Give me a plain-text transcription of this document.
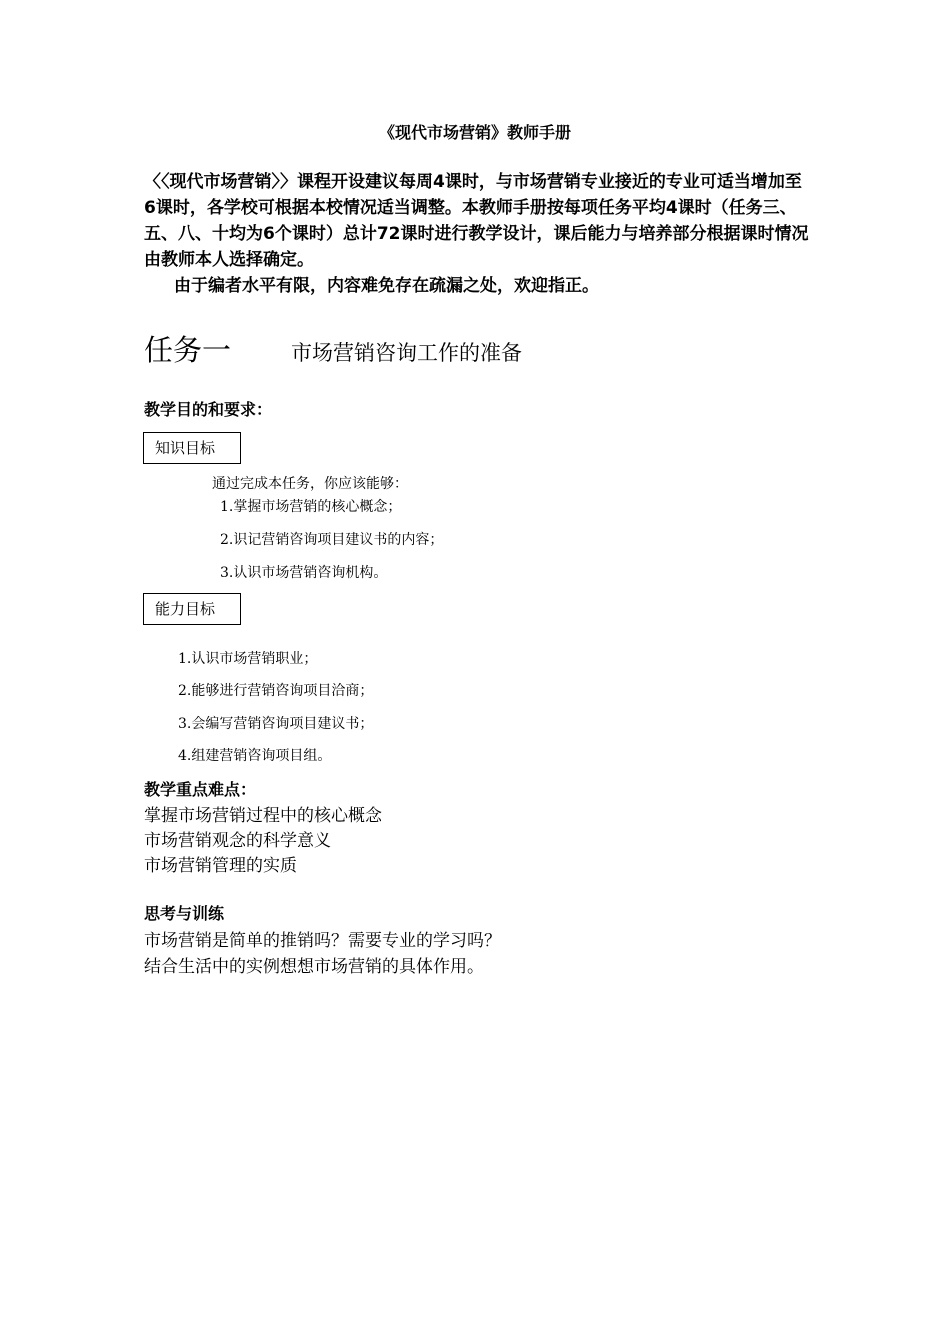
《现代市场营销》教师手册

〈〈现代市场营销〉〉课程开设建议每周4课时，与市场营销专业接近的专业可适当增加至6课时，各学校可根据本校情况适当调整。本教师手册按每项任务平均4课时（任务三、五、八、十均为6个课时）总计72课时进行教学设计，课后能力与培养部分根据课时情况由教师本人选择确定。

由于编者水平有限，内容难免存在疏漏之处，欢迎指正。

任务一	市场营销咨询工作的准备
教学目的和要求：
知识目标
通过完成本任务，你应该能够：
1.掌握市场营销的核心概念；
2.识记营销咨询项目建议书的内容；
3.认识市场营销咨询机构。
能力目标
1.认识市场营销职业；
2.能够进行营销咨询项目洽商；
3.会编写营销咨询项目建议书；
4.组建营销咨询项目组。
教学重点难点：
掌握市场营销过程中的核心概念
市场营销观念的科学意义
市场营销管理的实质
思考与训练
市场营销是简单的推销吗？需要专业的学习吗？
结合生活中的实例想想市场营销的具体作用。
